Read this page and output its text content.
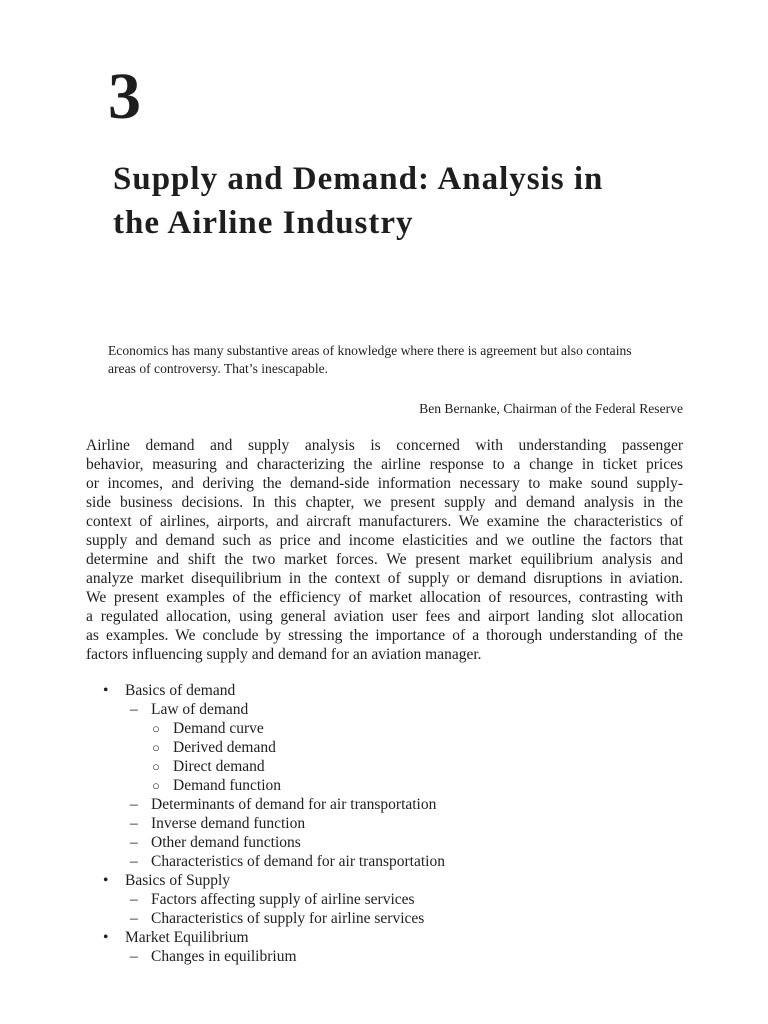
3
Supply and Demand: Analysis in
the Airline Industry

Economics has many substantive areas of knowledge where there is agreement but also contains
areas of controversy. That’s inescapable.

Ben Bernanke, Chairman of the Federal Reserve
Airline demand and supply analysis is concerned with understanding passenger
behavior, measuring and characterizing the airline response to a change in ticket prices
or incomes, and deriving the demand-side information necessary to make sound supply-
side business decisions. In this chapter, we present supply and demand analysis in the
context of airlines, airports, and aircraft manufacturers. We examine the characteristics of
supply and demand such as price and income elasticities and we outline the factors that
determine and shift the two market forces. We present market equilibrium analysis and
analyze market disequilibrium in the context of supply or demand disruptions in aviation.
We present examples of the efficiency of market allocation of resources, contrasting with
a regulated allocation, using general aviation user fees and airport landing slot allocation
as examples. We conclude by stressing the importance of a thorough understanding of the
factors influencing supply and demand for an aviation manager.
• Basics of demand
– Law of demand
○ Demand curve
○ Derived demand
○ Direct demand
○ Demand function
– Determinants of demand for air transportation
– Inverse demand function
– Other demand functions
– Characteristics of demand for air transportation
• Basics of Supply
– Factors affecting supply of airline services
– Characteristics of supply for airline services
• Market Equilibrium
– Changes in equilibrium
